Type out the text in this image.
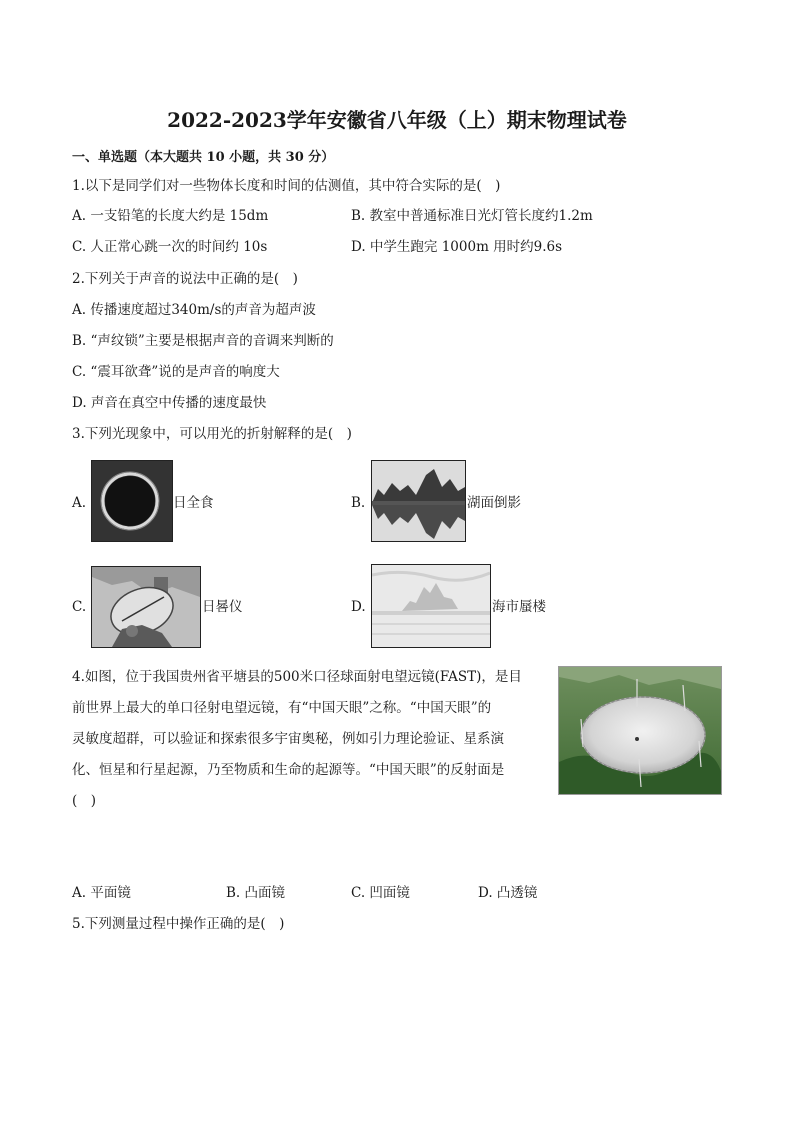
2022-2023学年安徽省八年级（上）期末物理试卷
一、单选题（本大题共 10 小题，共 30 分）
1.以下是同学们对一些物体长度和时间的估测值，其中符合实际的是(　)
A. 一支铅笔的长度大约是 15dm	B. 教室中普通标准日光灯管长度约1.2m
C. 人正常心跳一次的时间约 10s	D. 中学生跑完 1000m 用时约9.6s
2.下列关于声音的说法中正确的是(　)
A. 传播速度超过340m/s的声音为超声波
B. “声纹锁”主要是根据声音的音调来判断的
C. “震耳欲聋”说的是声音的响度大
D. 声音在真空中传播的速度最快
3.下列光现象中，可以用光的折射解释的是(　)
A.	日全食	B.	湖面倒影
C.	日晷仪	D.	海市蜃楼
4.如图，位于我国贵州省平塘县的500米口径球面射电望远镜(FAST)，是目
前世界上最大的单口径射电望远镜，有“中国天眼”之称。“中国天眼”的
灵敏度超群，可以验证和探索很多宇宙奥秘，例如引力理论验证、星系演
化、恒星和行星起源，乃至物质和生命的起源等。“中国天眼”的反射面是
(　)
A. 平面镜	B. 凸面镜	C. 凹面镜	D. 凸透镜
5.下列测量过程中操作正确的是(　)
